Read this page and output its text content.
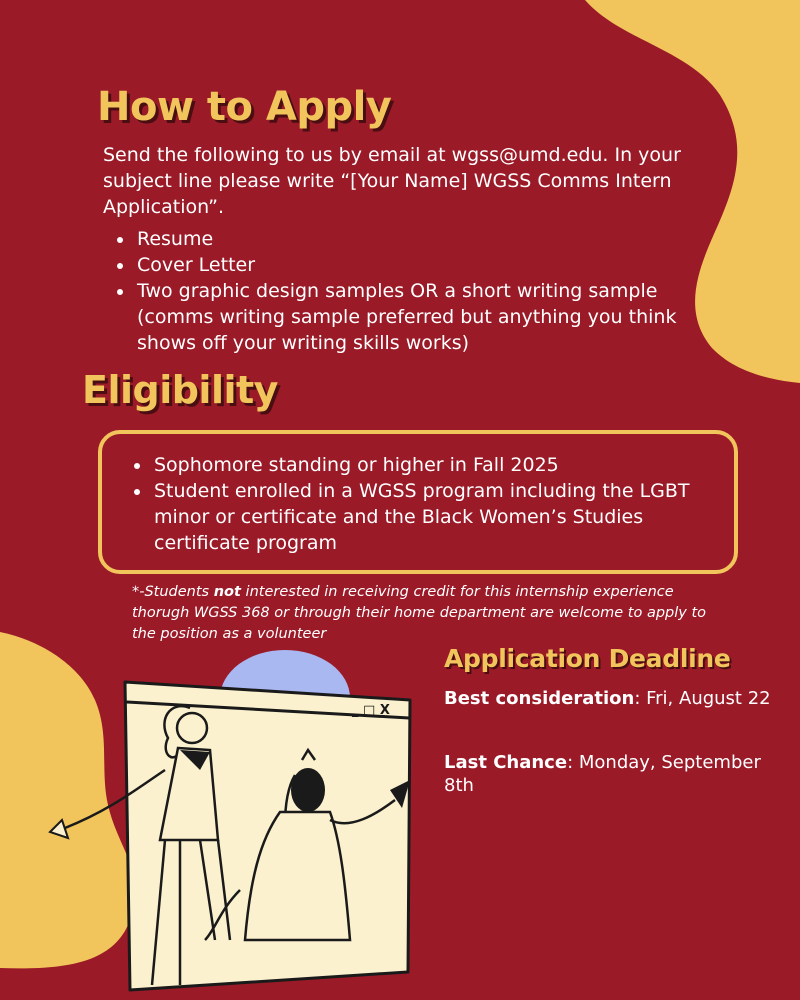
How to Apply

Send the following to us by email at wgss@umd.edu. In your subject line please write “[Your Name] WGSS Comms Intern Application”.

• Resume
• Cover Letter
• Two graphic design samples OR a short writing sample (comms writing sample preferred but anything you think shows off your writing skills works)
Eligibility
• Sophomore standing or higher in Fall 2025
• Student enrolled in a WGSS program including the LGBT minor or certificate and the Black Women’s Studies certificate program

*-Students not interested in receiving credit for this internship experience thorugh WGSS 368 or through their home department are welcome to apply to the position as a volunteer

Application Deadline

Best consideration: Fri, August 22

Last Chance: Monday, September 8th

_ □ X
